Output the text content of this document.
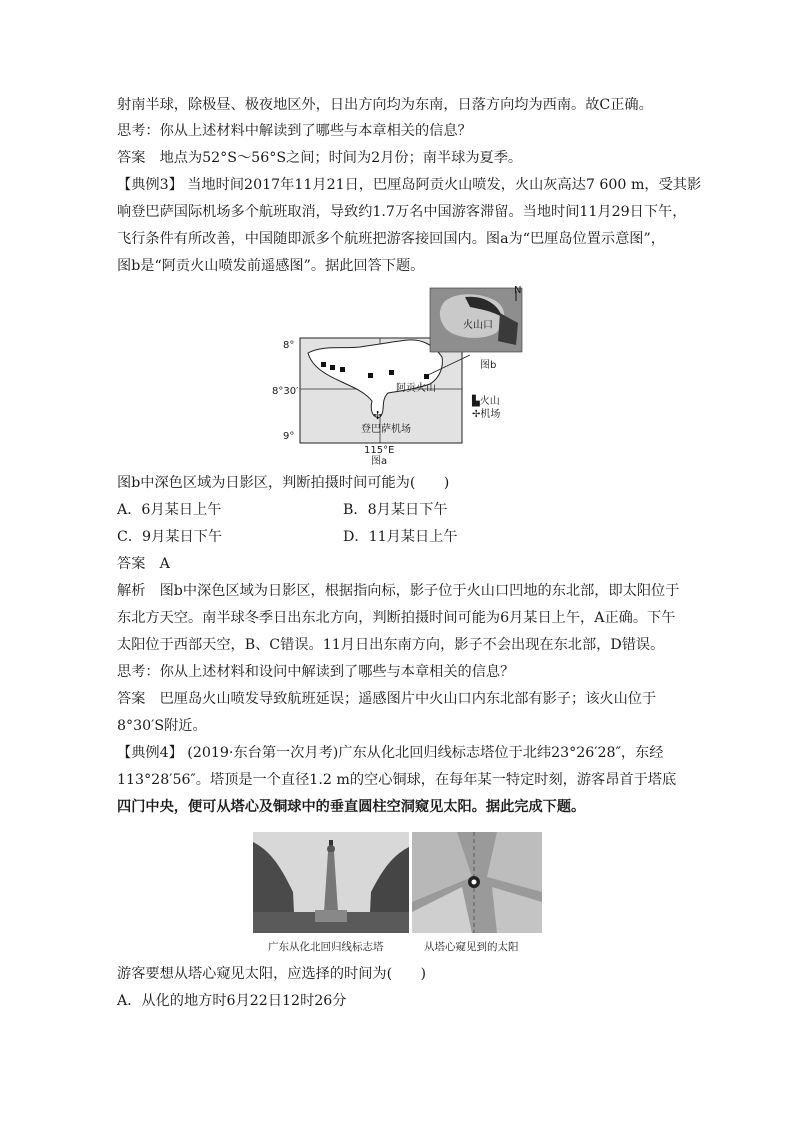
射南半球，除极昼、极夜地区外，日出方向均为东南，日落方向均为西南。故C正确。
思考：你从上述材料中解读到了哪些与本章相关的信息？
答案　地点为52°S～56°S之间；时间为2月份；南半球为夏季。
【典例3】 当地时间2017年11月21日，巴厘岛阿贡火山喷发，火山灰高达7 600 m，受其影
响登巴萨国际机场多个航班取消，导致约1.7万名中国游客滞留。当地时间11月29日下午，
飞行条件有所改善，中国随即派多个航班把游客接回国内。图a为“巴厘岛位置示意图”，
图b是“阿贡火山喷发前遥感图”。据此回答下题。
✢
8°
8°30′
9°
115°E
图a
图b
阿贡火山
登巴萨机场
火山口
N
▙火山
✢机场
图b中深色区域为日影区，判断拍摄时间可能为(　　)
A．6月某日上午	B．8月某日下午
C．9月某日下午	D．11月某日上午
答案　A
解析　图b中深色区域为日影区，根据指向标，影子位于火山口凹地的东北部，即太阳位于
东北方天空。南半球冬季日出东北方向，判断拍摄时间可能为6月某日上午，A正确。下午
太阳位于西部天空，B、C错误。11月日出东南方向，影子不会出现在东北部，D错误。
思考：你从上述材料和设问中解读到了哪些与本章相关的信息？
答案　巴厘岛火山喷发导致航班延误；遥感图片中火山口内东北部有影子；该火山位于
8°30′S附近。
【典例4】 (2019·东台第一次月考)广东从化北回归线标志塔位于北纬23°26′28″，东经
113°28′56″。塔顶是一个直径1.2 m的空心铜球，在每年某一特定时刻，游客昂首于塔底
四门中央，便可从塔心及铜球中的垂直圆柱空洞窥见太阳。据此完成下题。
广东从化北回归线标志塔	从塔心窥见到的太阳
游客要想从塔心窥见太阳，应选择的时间为(　　)
A．从化的地方时6月22日12时26分
